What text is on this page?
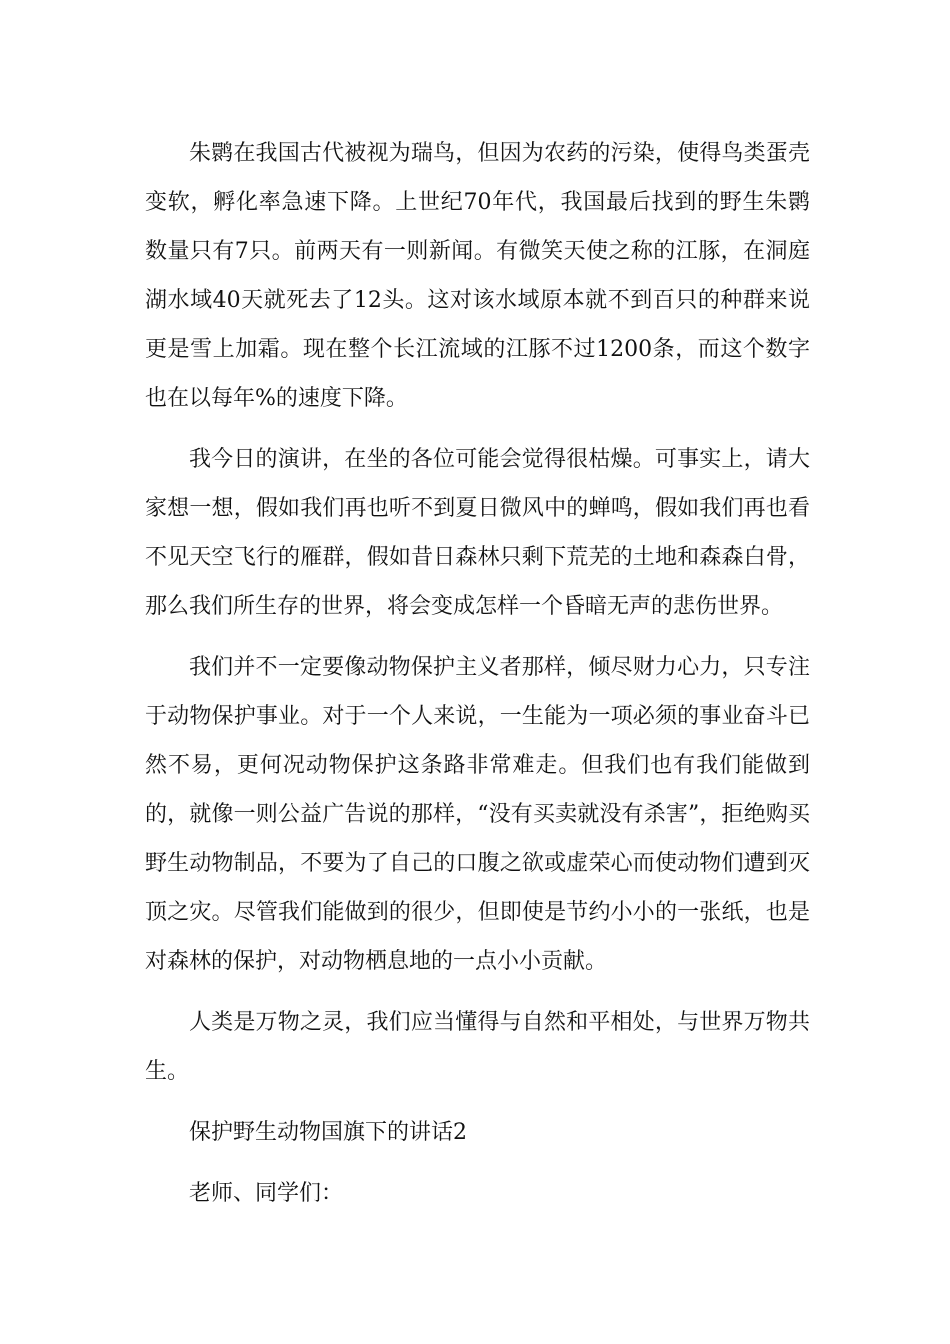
朱鹮在我国古代被视为瑞鸟，但因为农药的污染，使得鸟类蛋壳变软，孵化率急速下降。上世纪70年代，我国最后找到的野生朱鹮数量只有7只。前两天有一则新闻。有微笑天使之称的江豚，在洞庭湖水域40天就死去了12头。这对该水域原本就不到百只的种群来说更是雪上加霜。现在整个长江流域的江豚不过1200条，而这个数字也在以每年%的速度下降。

我今日的演讲，在坐的各位可能会觉得很枯燥。可事实上，请大家想一想，假如我们再也听不到夏日微风中的蝉鸣，假如我们再也看不见天空飞行的雁群，假如昔日森林只剩下荒芜的土地和森森白骨，那么我们所生存的世界，将会变成怎样一个昏暗无声的悲伤世界。

我们并不一定要像动物保护主义者那样，倾尽财力心力，只专注于动物保护事业。对于一个人来说，一生能为一项必须的事业奋斗已然不易，更何况动物保护这条路非常难走。但我们也有我们能做到的，就像一则公益广告说的那样，“没有买卖就没有杀害”，拒绝购买野生动物制品，不要为了自己的口腹之欲或虚荣心而使动物们遭到灭顶之灾。尽管我们能做到的很少，但即使是节约小小的一张纸，也是对森林的保护，对动物栖息地的一点小小贡献。

人类是万物之灵，我们应当懂得与自然和平相处，与世界万物共生。

保护野生动物国旗下的讲话2

老师、同学们：
